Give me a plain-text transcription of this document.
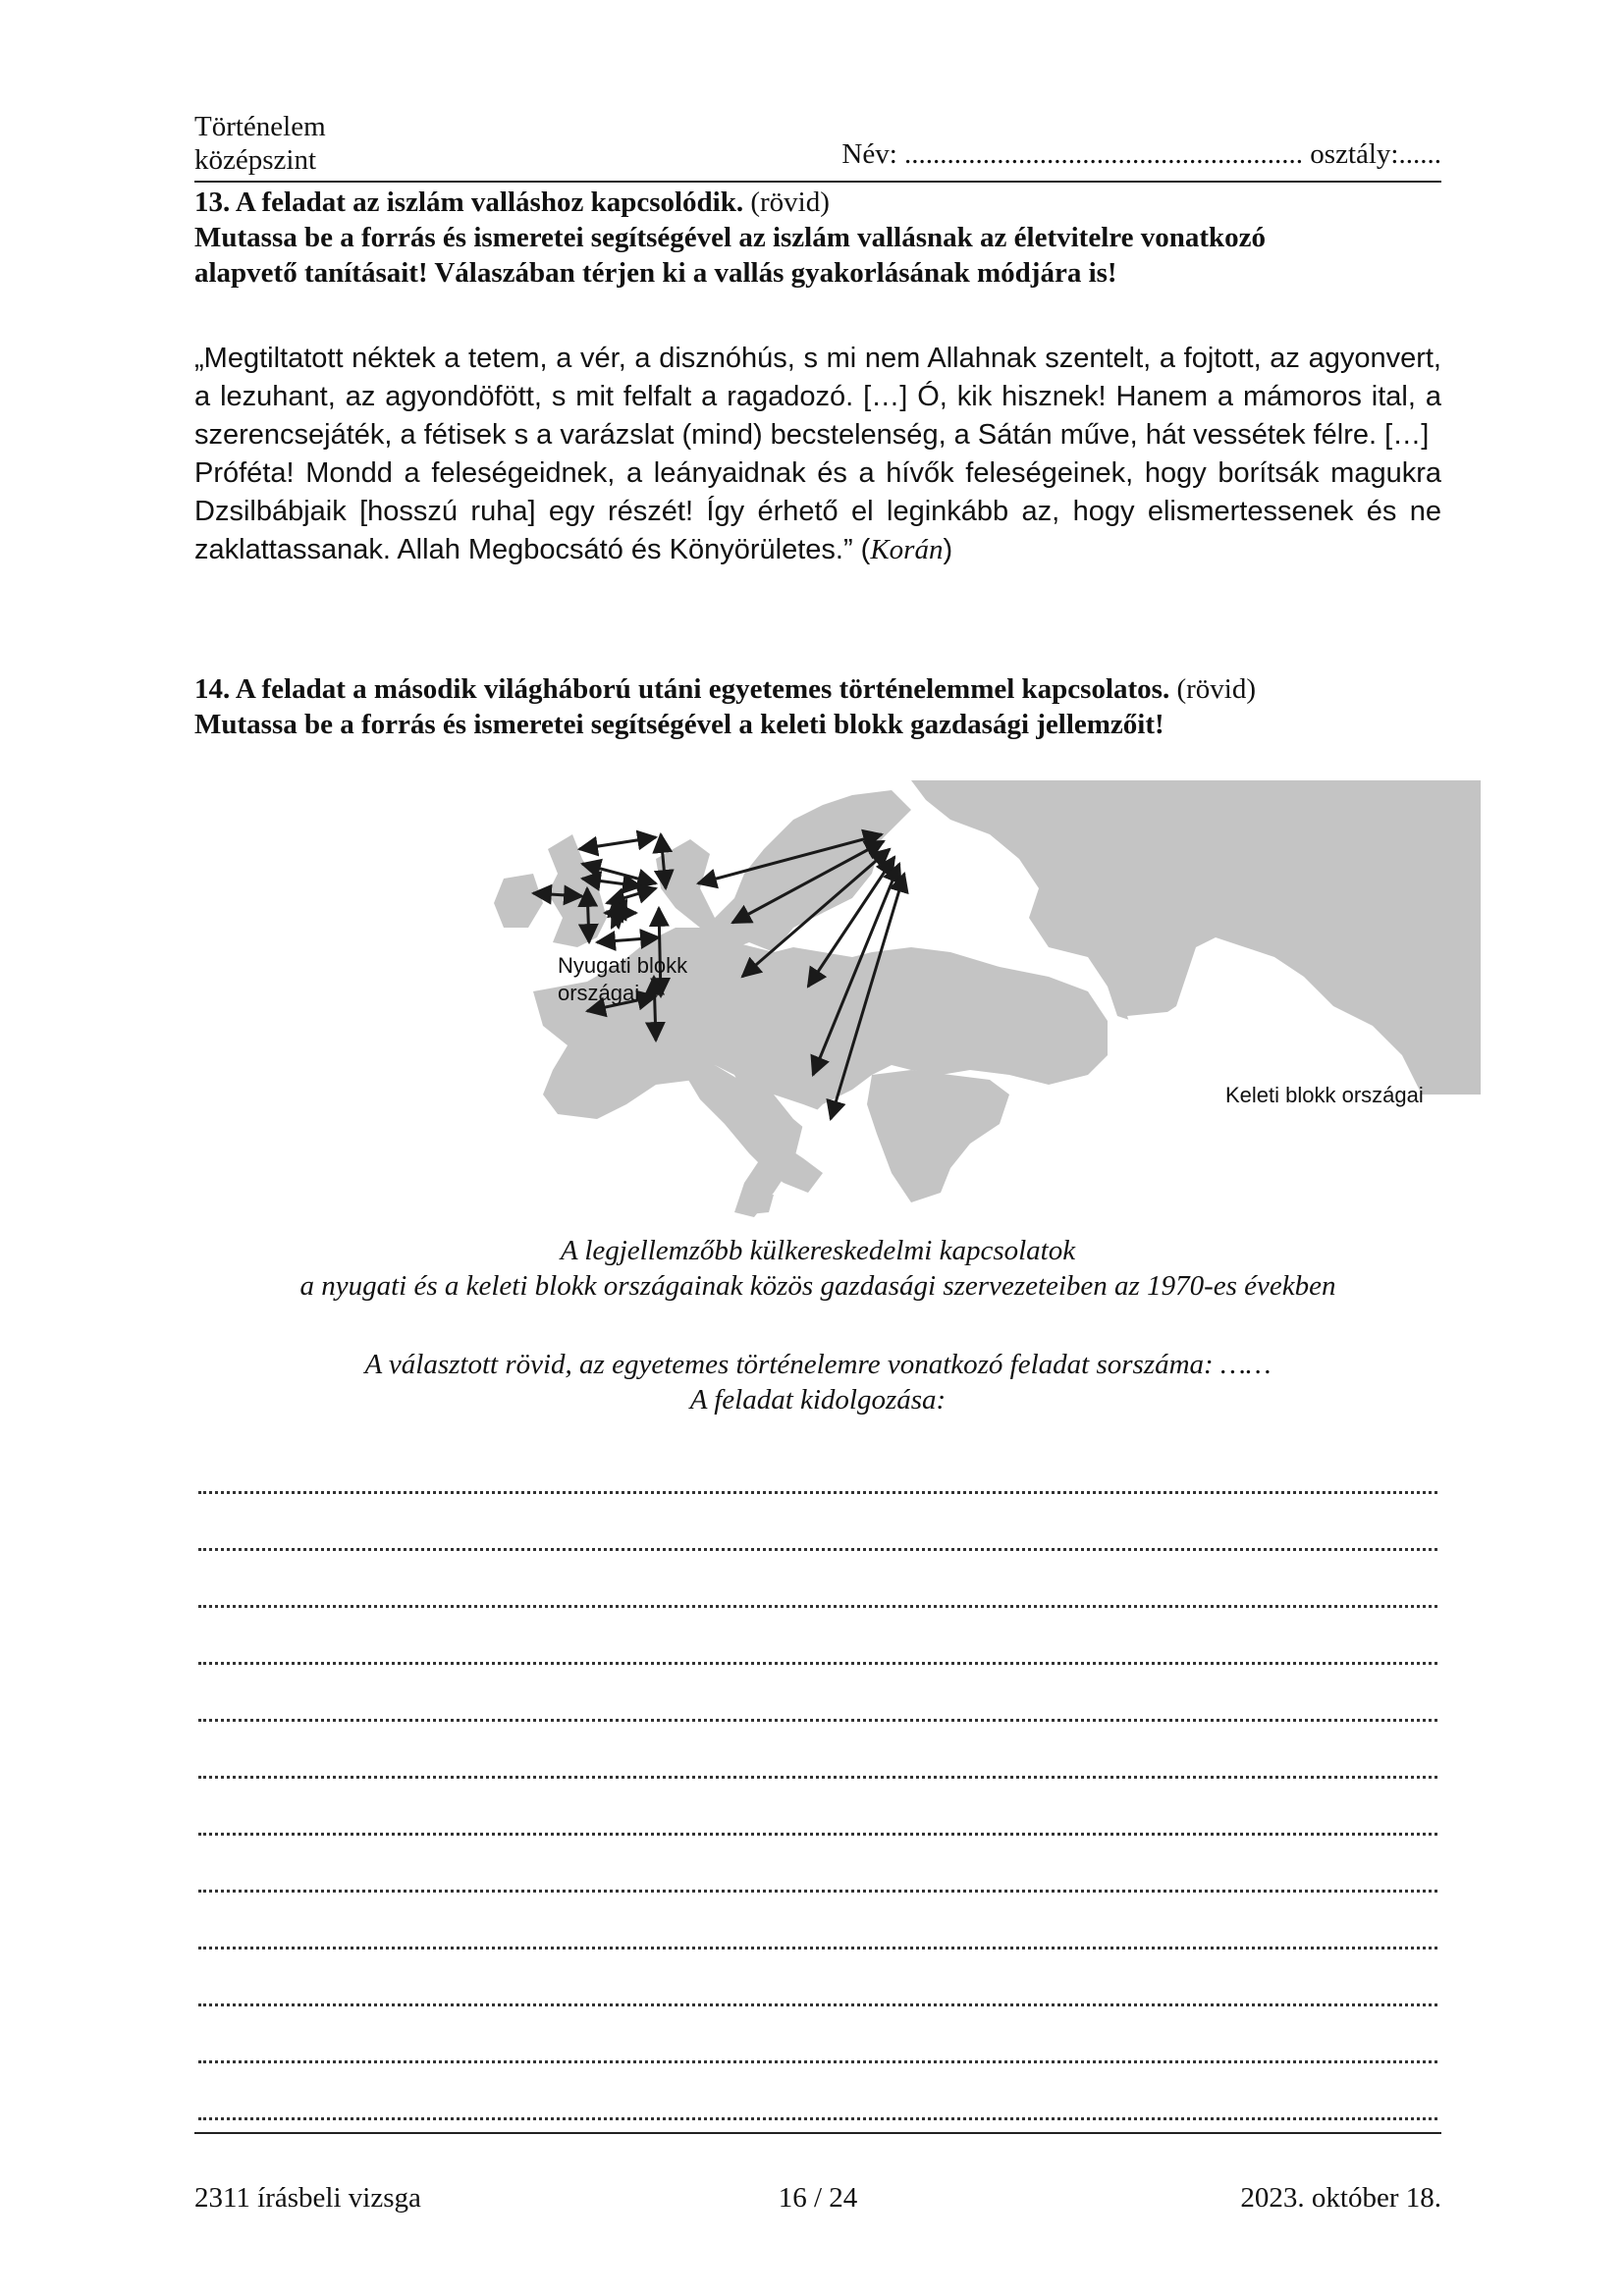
Történelem
középszint	Név: ........................................................ osztály:......
13. A feladat az iszlám valláshoz kapcsolódik. (rövid)
Mutassa be a forrás és ismeretei segítségével az iszlám vallásnak az életvitelre vonatkozó
alapvető tanításait! Válaszában térjen ki a vallás gyakorlásának módjára is!

„Megtiltatott néktek a tetem, a vér, a disznóhús, s mi nem Allahnak szentelt, a fojtott, az agyonvert, a lezuhant, az agyondöfött, s mit felfalt a ragadozó. […] Ó, kik hisznek! Hanem a mámoros ital, a szerencsejáték, a fétisek s a varázslat (mind) becstelenség, a Sátán műve, hát vessétek félre. […]

Próféta! Mondd a feleségeidnek, a leányaidnak és a hívők feleségeinek, hogy borítsák magukra Dzsilbábjaik [hosszú ruha] egy részét! Így érhető el leginkább az, hogy elismertessenek és ne zaklattassanak. Allah Megbocsátó és Könyörületes.” (Korán)

14. A feladat a második világháború utáni egyetemes történelemmel kapcsolatos. (rövid)
Mutassa be a forrás és ismeretei segítségével a keleti blokk gazdasági jellemzőit!
Nyugati blokk
országai
Keleti blokk országai
A legjellemzőbb külkereskedelmi kapcsolatok
a nyugati és a keleti blokk országainak közös gazdasági szervezeteiben az 1970-es években
A választott rövid, az egyetemes történelemre vonatkozó feladat sorszáma: ……
A feladat kidolgozása:
2311 írásbeli vizsga	16 / 24	2023. október 18.
